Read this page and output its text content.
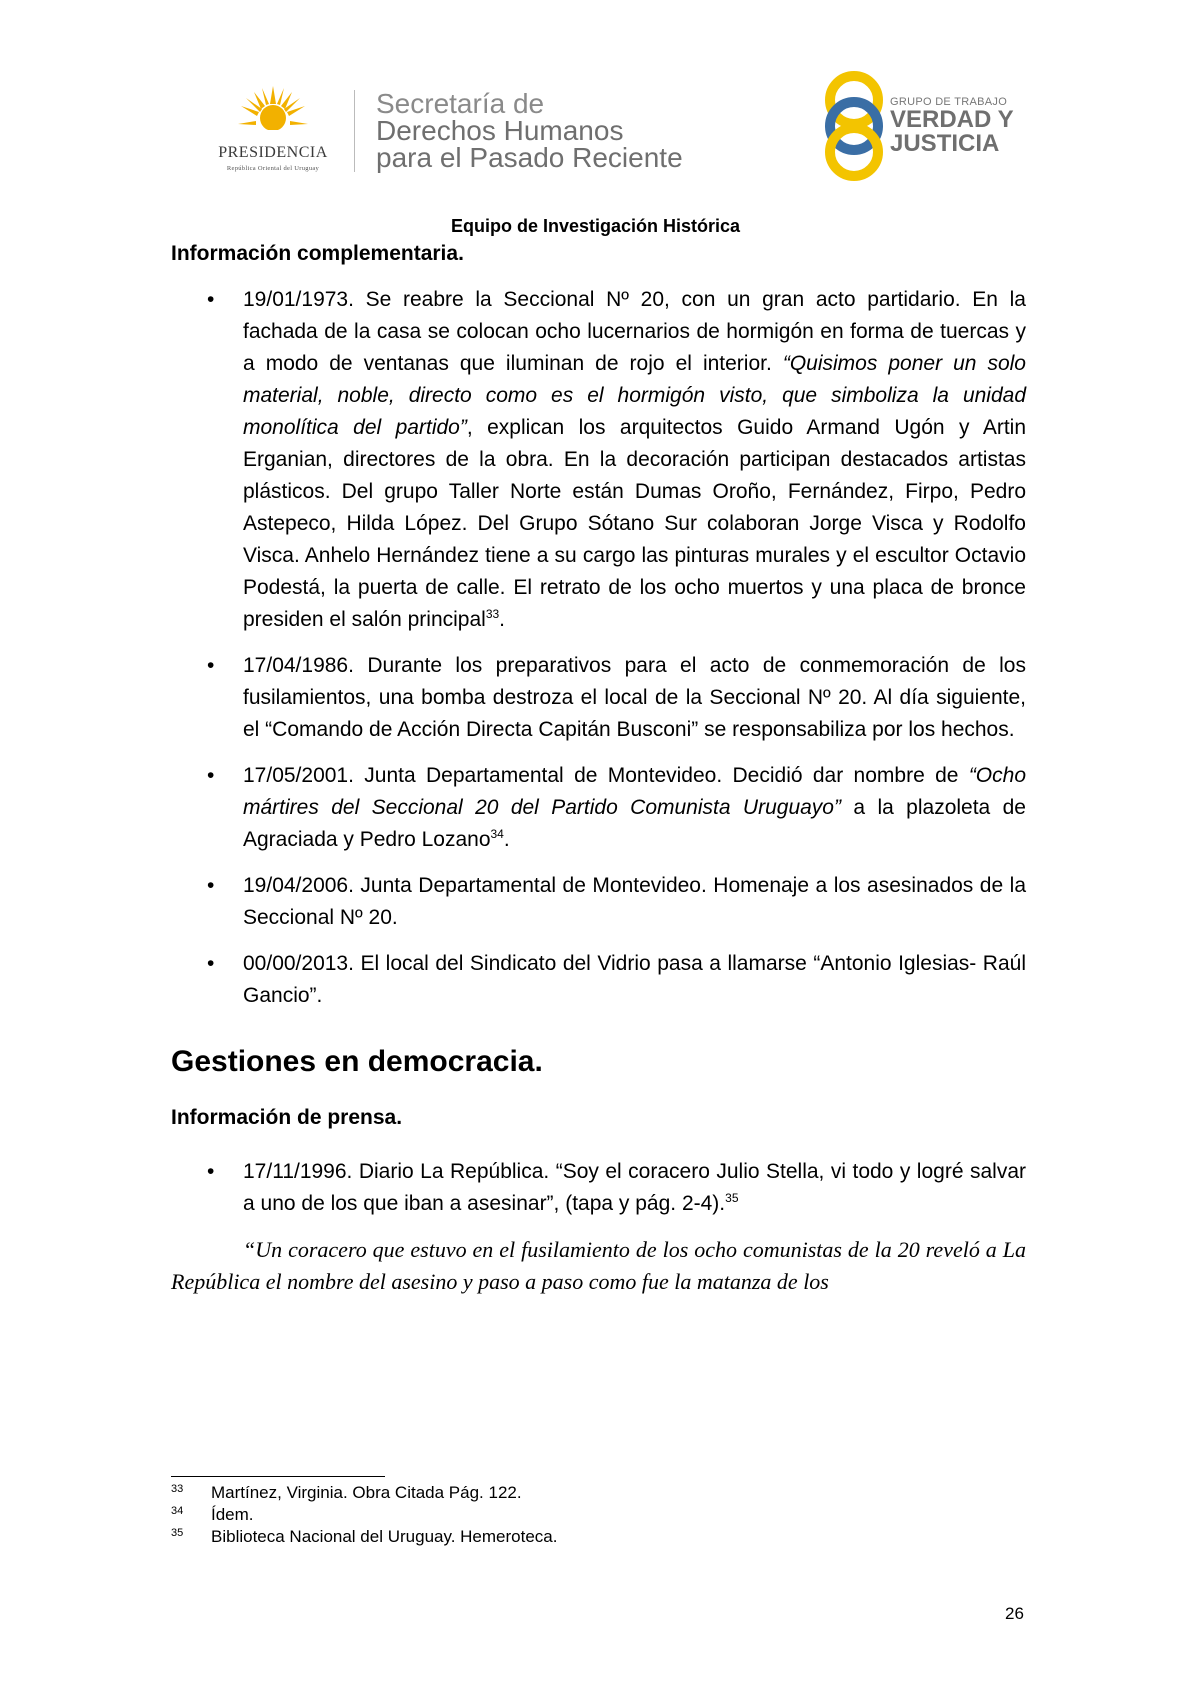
PRESIDENCIA
República Oriental del Uruguay
Secretaría de
Derechos Humanos
para el Pasado Reciente
GRUPO DE TRABAJO
VERDAD Y
JUSTICIA
Equipo de Investigación Histórica
Información complementaria.
• 19/01/1973. Se reabre la Seccional Nº 20, con un gran acto partidario. En la fachada de la casa se colocan ocho lucernarios de hormigón en forma de tuercas y a modo de ventanas que iluminan de rojo el interior. “Quisimos poner un solo material, noble, directo como es el hormigón visto, que simboliza la unidad monolítica del partido”, explican los arquitectos Guido Armand Ugón y Artin Erganian, directores de la obra. En la decoración participan destacados artistas plásticos. Del grupo Taller Norte están Dumas Oroño, Fernández, Firpo, Pedro Astepeco, Hilda López. Del Grupo Sótano Sur colaboran Jorge Visca y Rodolfo Visca. Anhelo Hernández tiene a su cargo las pinturas murales y el escultor Octavio Podestá, la puerta de calle. El retrato de los ocho muertos y una placa de bronce presiden el salón principal$^{33}$.
• 17/04/1986. Durante los preparativos para el acto de conmemoración de los fusilamientos, una bomba destroza el local de la Seccional Nº 20. Al día siguiente, el “Comando de Acción Directa Capitán Busconi” se responsabiliza por los hechos.
• 17/05/2001. Junta Departamental de Montevideo. Decidió dar nombre de “Ocho mártires del Seccional 20 del Partido Comunista Uruguayo” a la plazoleta de Agraciada y Pedro Lozano$^{34}$.
• 19/04/2006. Junta Departamental de Montevideo. Homenaje a los asesinados de la Seccional Nº 20.
• 00/00/2013. El local del Sindicato del Vidrio pasa a llamarse “Antonio Iglesias- Raúl Gancio”.
Gestiones en democracia.
Información de prensa.
• 17/11/1996. Diario La República. “Soy el coracero Julio Stella, vi todo y logré salvar a uno de los que iban a asesinar”, (tapa y pág. 2-4).$^{35}$

“Un coracero que estuvo en el fusilamiento de los ocho comunistas de la 20 reveló a La República el nombre del asesino y paso a paso como fue la matanza de los

33 Martínez, Virginia. Obra Citada Pág. 122.
34 Ídem.
35 Biblioteca Nacional del Uruguay. Hemeroteca.
26
